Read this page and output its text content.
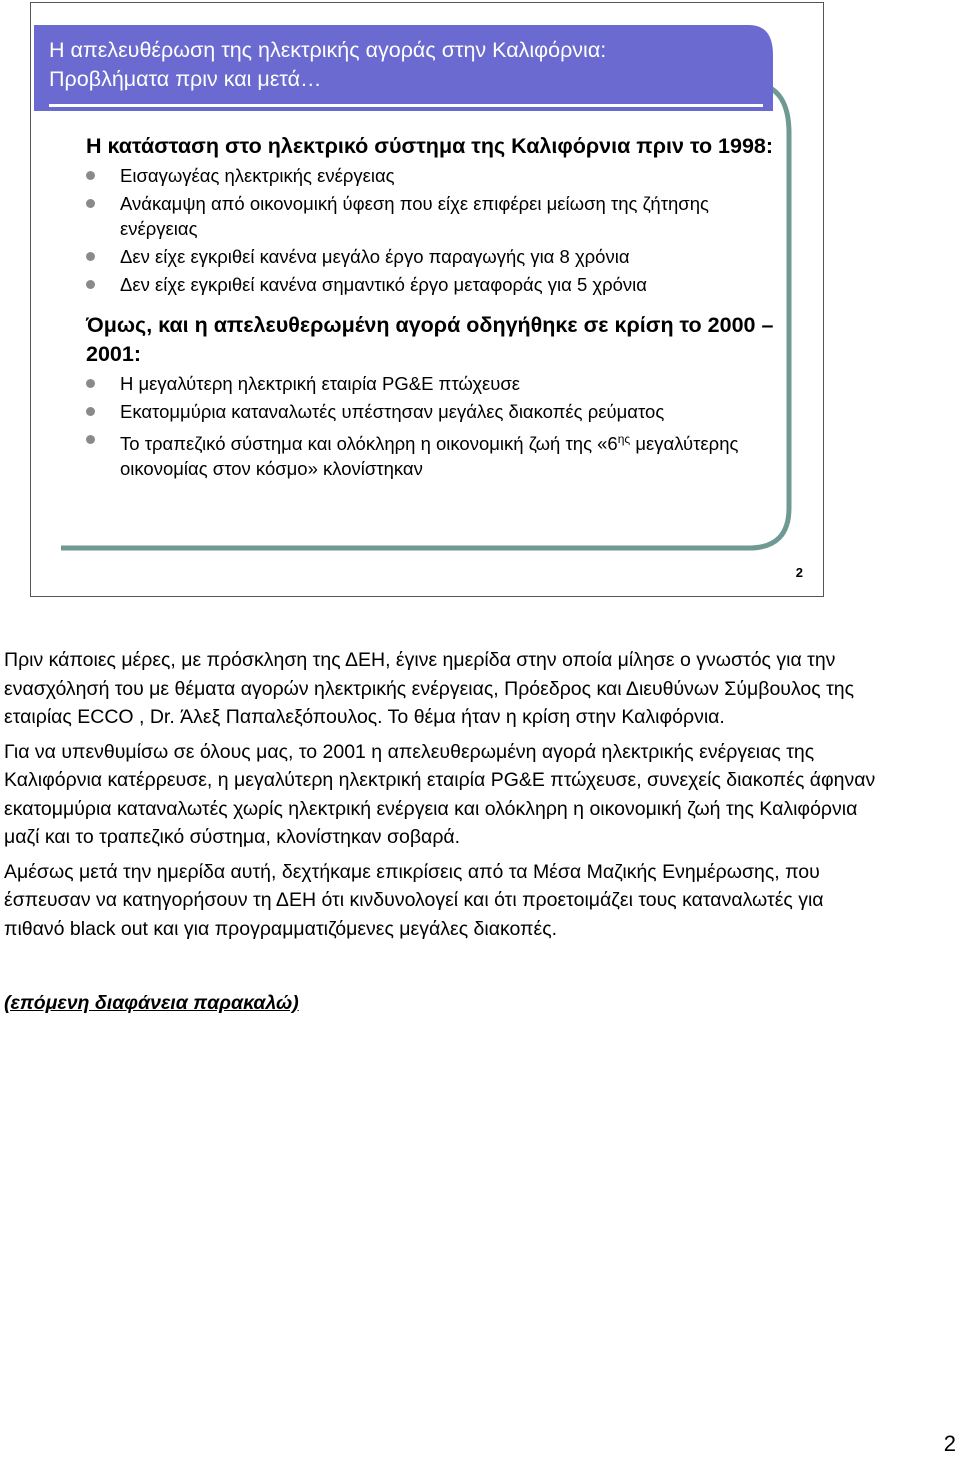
Η απελευθέρωση της ηλεκτρικής αγοράς στην Καλιφόρνια:
Προβλήματα πριν και μετά…

Η κατάσταση στο ηλεκτρικό σύστημα της Καλιφόρνια πριν το 1998:

Εισαγωγέας ηλεκτρικής ενέργειας
Ανάκαμψη από οικονομική ύφεση που είχε επιφέρει μείωση της ζήτησης ενέργειας
Δεν είχε εγκριθεί κανένα μεγάλο έργο παραγωγής για 8 χρόνια
Δεν είχε εγκριθεί κανένα σημαντικό έργο μεταφοράς για 5 χρόνια

Όμως, και η απελευθερωμένη αγορά οδηγήθηκε σε κρίση το 2000 – 2001:

Η μεγαλύτερη ηλεκτρική εταιρία PG&E πτώχευσε
Εκατομμύρια καταναλωτές υπέστησαν μεγάλες διακοπές ρεύματος
Το τραπεζικό σύστημα και ολόκληρη η οικονομική ζωή της «$6^{\eta\varsigma}$ μεγαλύτερης οικονομίας στον κόσμο» κλονίστηκαν
2

Πριν κάποιες μέρες, με πρόσκληση της ΔΕΗ, έγινε ημερίδα στην οποία μίλησε ο γνωστός για την ενασχόλησή του με θέματα αγορών ηλεκτρικής ενέργειας, Πρόεδρος και Διευθύνων Σύμβουλος της εταιρίας ECCO , Dr. Άλεξ Παπαλεξόπουλος. Το θέμα ήταν η κρίση στην Καλιφόρνια.

Για να υπενθυμίσω σε όλους μας, το 2001 η απελευθερωμένη αγορά ηλεκτρικής ενέργειας της Καλιφόρνια κατέρρευσε, η μεγαλύτερη ηλεκτρική εταιρία PG&E πτώχευσε, συνεχείς διακοπές άφηναν εκατομμύρια καταναλωτές χωρίς ηλεκτρική ενέργεια και ολόκληρη η οικονομική ζωή της Καλιφόρνια μαζί και το τραπεζικό σύστημα, κλονίστηκαν σοβαρά.

Αμέσως μετά την ημερίδα αυτή, δεχτήκαμε επικρίσεις από τα Μέσα Μαζικής Ενημέρωσης, που έσπευσαν να κατηγορήσουν τη ΔΕΗ ότι κινδυνολογεί και ότι προετοιμάζει τους καταναλωτές για πιθανό black out και για προγραμματιζόμενες μεγάλες διακοπές.

(επόμενη διαφάνεια παρακαλώ)

2
